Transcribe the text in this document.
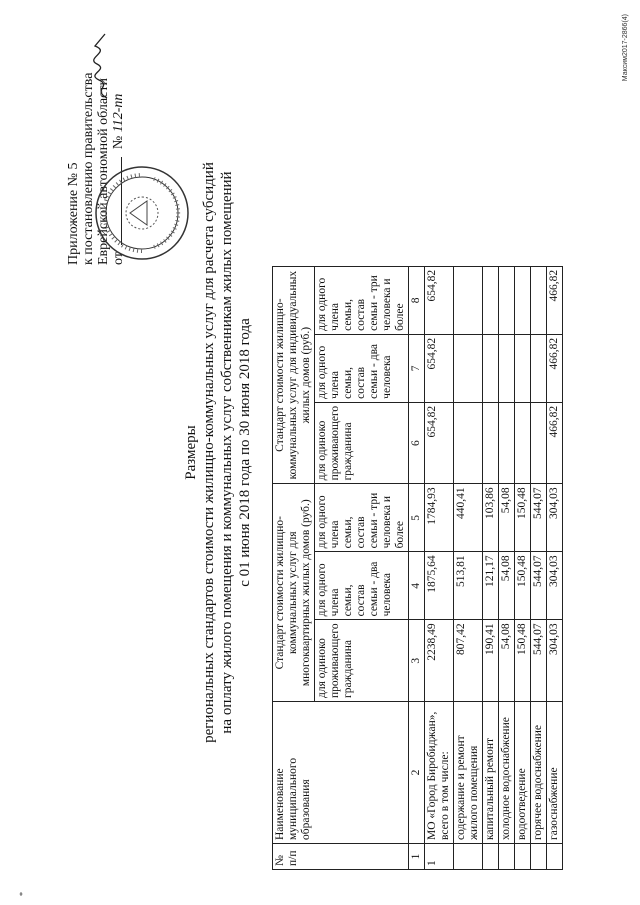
*
Приложение № 5 к постановлению правительства Еврейской автономной области от  № 112-пп
Размеры региональных стандартов стоимости жилищно-коммунальных услуг для расчета субсидий на оплату жилого помещения и коммунальных услуг собственникам жилых помещений с 01 июня 2018 года по 30 июня 2018 года
№ п/п	Наименование муниципального образования	Стандарт стоимости жилищно-коммунальных услуг для многоквартирных жилых домов (руб.)			Стандарт стоимости жилищно-коммунальных услуг для индивидуальных жилых домов (руб.)		
		для одиноко проживающего гражданина	для одного члена семьи, состав семьи - два человека	для одного члена семьи, состав семьи - три человека и более	для одиноко проживающего гражданина	для одного члена семьи, состав семьи - два человека	для одного члена семьи, состав семьи - три человека и более
1	2	3	4	5	6	7	8
1	МО «Город Биробиджан», всего в том числе:	2238,49	1875,64	1784,93	654,82	654,82	654,82
	содержание и ремонт жилого помещения	807,42	513,81	440,41			
	капитальный ремонт	190,41	121,17	103,86			
	холодное водоснабжение	54,08	54,08	54,08			
	водоотведение	150,48	150,48	150,48			
	горячее водоснабжение	544,07	544,07	544,07			
	газоснабжение	304,03	304,03	304,03	466,82	466,82	466,82
Максим2017-2866(4)
